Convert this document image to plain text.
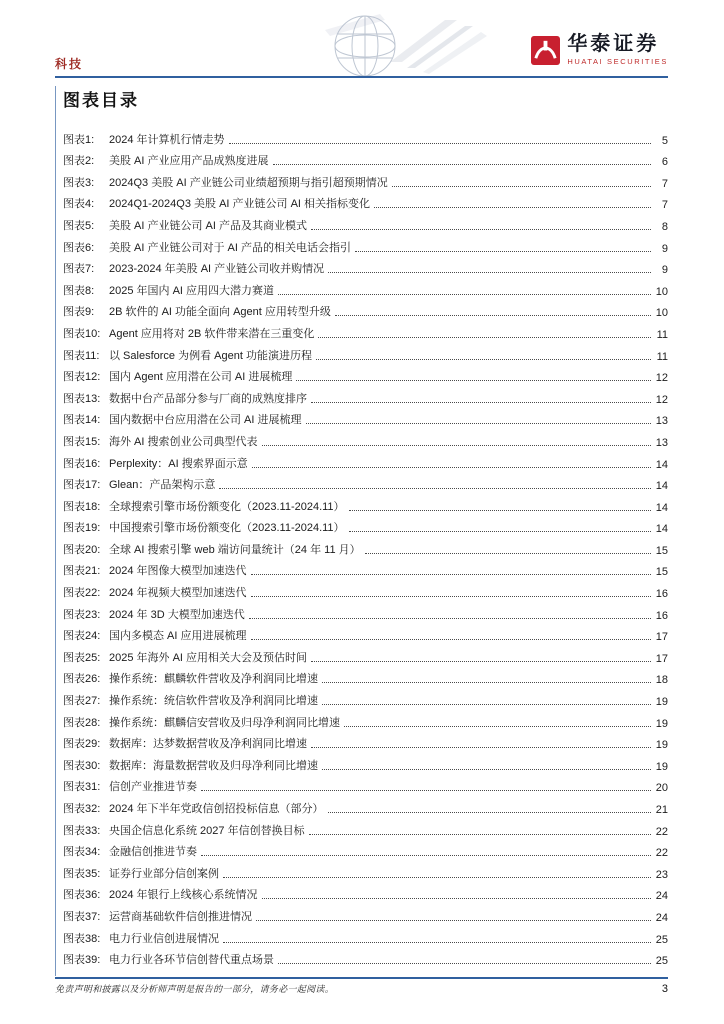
科技
华泰证券
HUATAI SECURITIES
图表目录
图表1:	2024 年计算机行情走势	5
图表2:	美股 AI 产业应用产品成熟度进展	6
图表3:	2024Q3 美股 AI 产业链公司业绩超预期与指引超预期情况	7
图表4:	2024Q1-2024Q3 美股 AI 产业链公司 AI 相关指标变化	7
图表5:	美股 AI 产业链公司 AI 产品及其商业模式	8
图表6:	美股 AI 产业链公司对于 AI 产品的相关电话会指引	9
图表7:	2023-2024 年美股 AI 产业链公司收并购情况	9
图表8:	2025 年国内 AI 应用四大潜力赛道	10
图表9:	2B 软件的 AI 功能全面向 Agent 应用转型升级	10
图表10: Agent 应用将对 2B 软件带来潜在三重变化	11
图表11: 以 Salesforce 为例看 Agent 功能演进历程	11
图表12: 国内 Agent 应用潜在公司 AI 进展梳理	12
图表13: 数据中台产品部分参与厂商的成熟度排序	12
图表14: 国内数据中台应用潜在公司 AI 进展梳理	13
图表15: 海外 AI 搜索创业公司典型代表	13
图表16: Perplexity：AI 搜索界面示意	14
图表17: Glean：产品架构示意	14
图表18: 全球搜索引擎市场份额变化（2023.11-2024.11）	14
图表19: 中国搜索引擎市场份额变化（2023.11-2024.11）	14
图表20: 全球 AI 搜索引擎 web 端访问量统计（24 年 11 月）	15
图表21: 2024 年图像大模型加速迭代	15
图表22: 2024 年视频大模型加速迭代	16
图表23: 2024 年 3D 大模型加速迭代	16
图表24: 国内多模态 AI 应用进展梳理	17
图表25: 2025 年海外 AI 应用相关大会及预估时间	17
图表26: 操作系统：麒麟软件营收及净利润同比增速	18
图表27: 操作系统：统信软件营收及净利润同比增速	19
图表28: 操作系统：麒麟信安营收及归母净利润同比增速	19
图表29: 数据库：达梦数据营收及净利润同比增速	19
图表30: 数据库：海量数据营收及归母净利同比增速	19
图表31: 信创产业推进节奏	20
图表32: 2024 年下半年党政信创招投标信息（部分）	21
图表33: 央国企信息化系统 2027 年信创替换目标	22
图表34: 金融信创推进节奏	22
图表35: 证券行业部分信创案例	23
图表36: 2024 年银行上线核心系统情况	24
图表37: 运营商基础软件信创推进情况	24
图表38: 电力行业信创进展情况	25
图表39: 电力行业各环节信创替代重点场景	25
免责声明和披露以及分析师声明是报告的一部分，请务必一起阅读。	3
